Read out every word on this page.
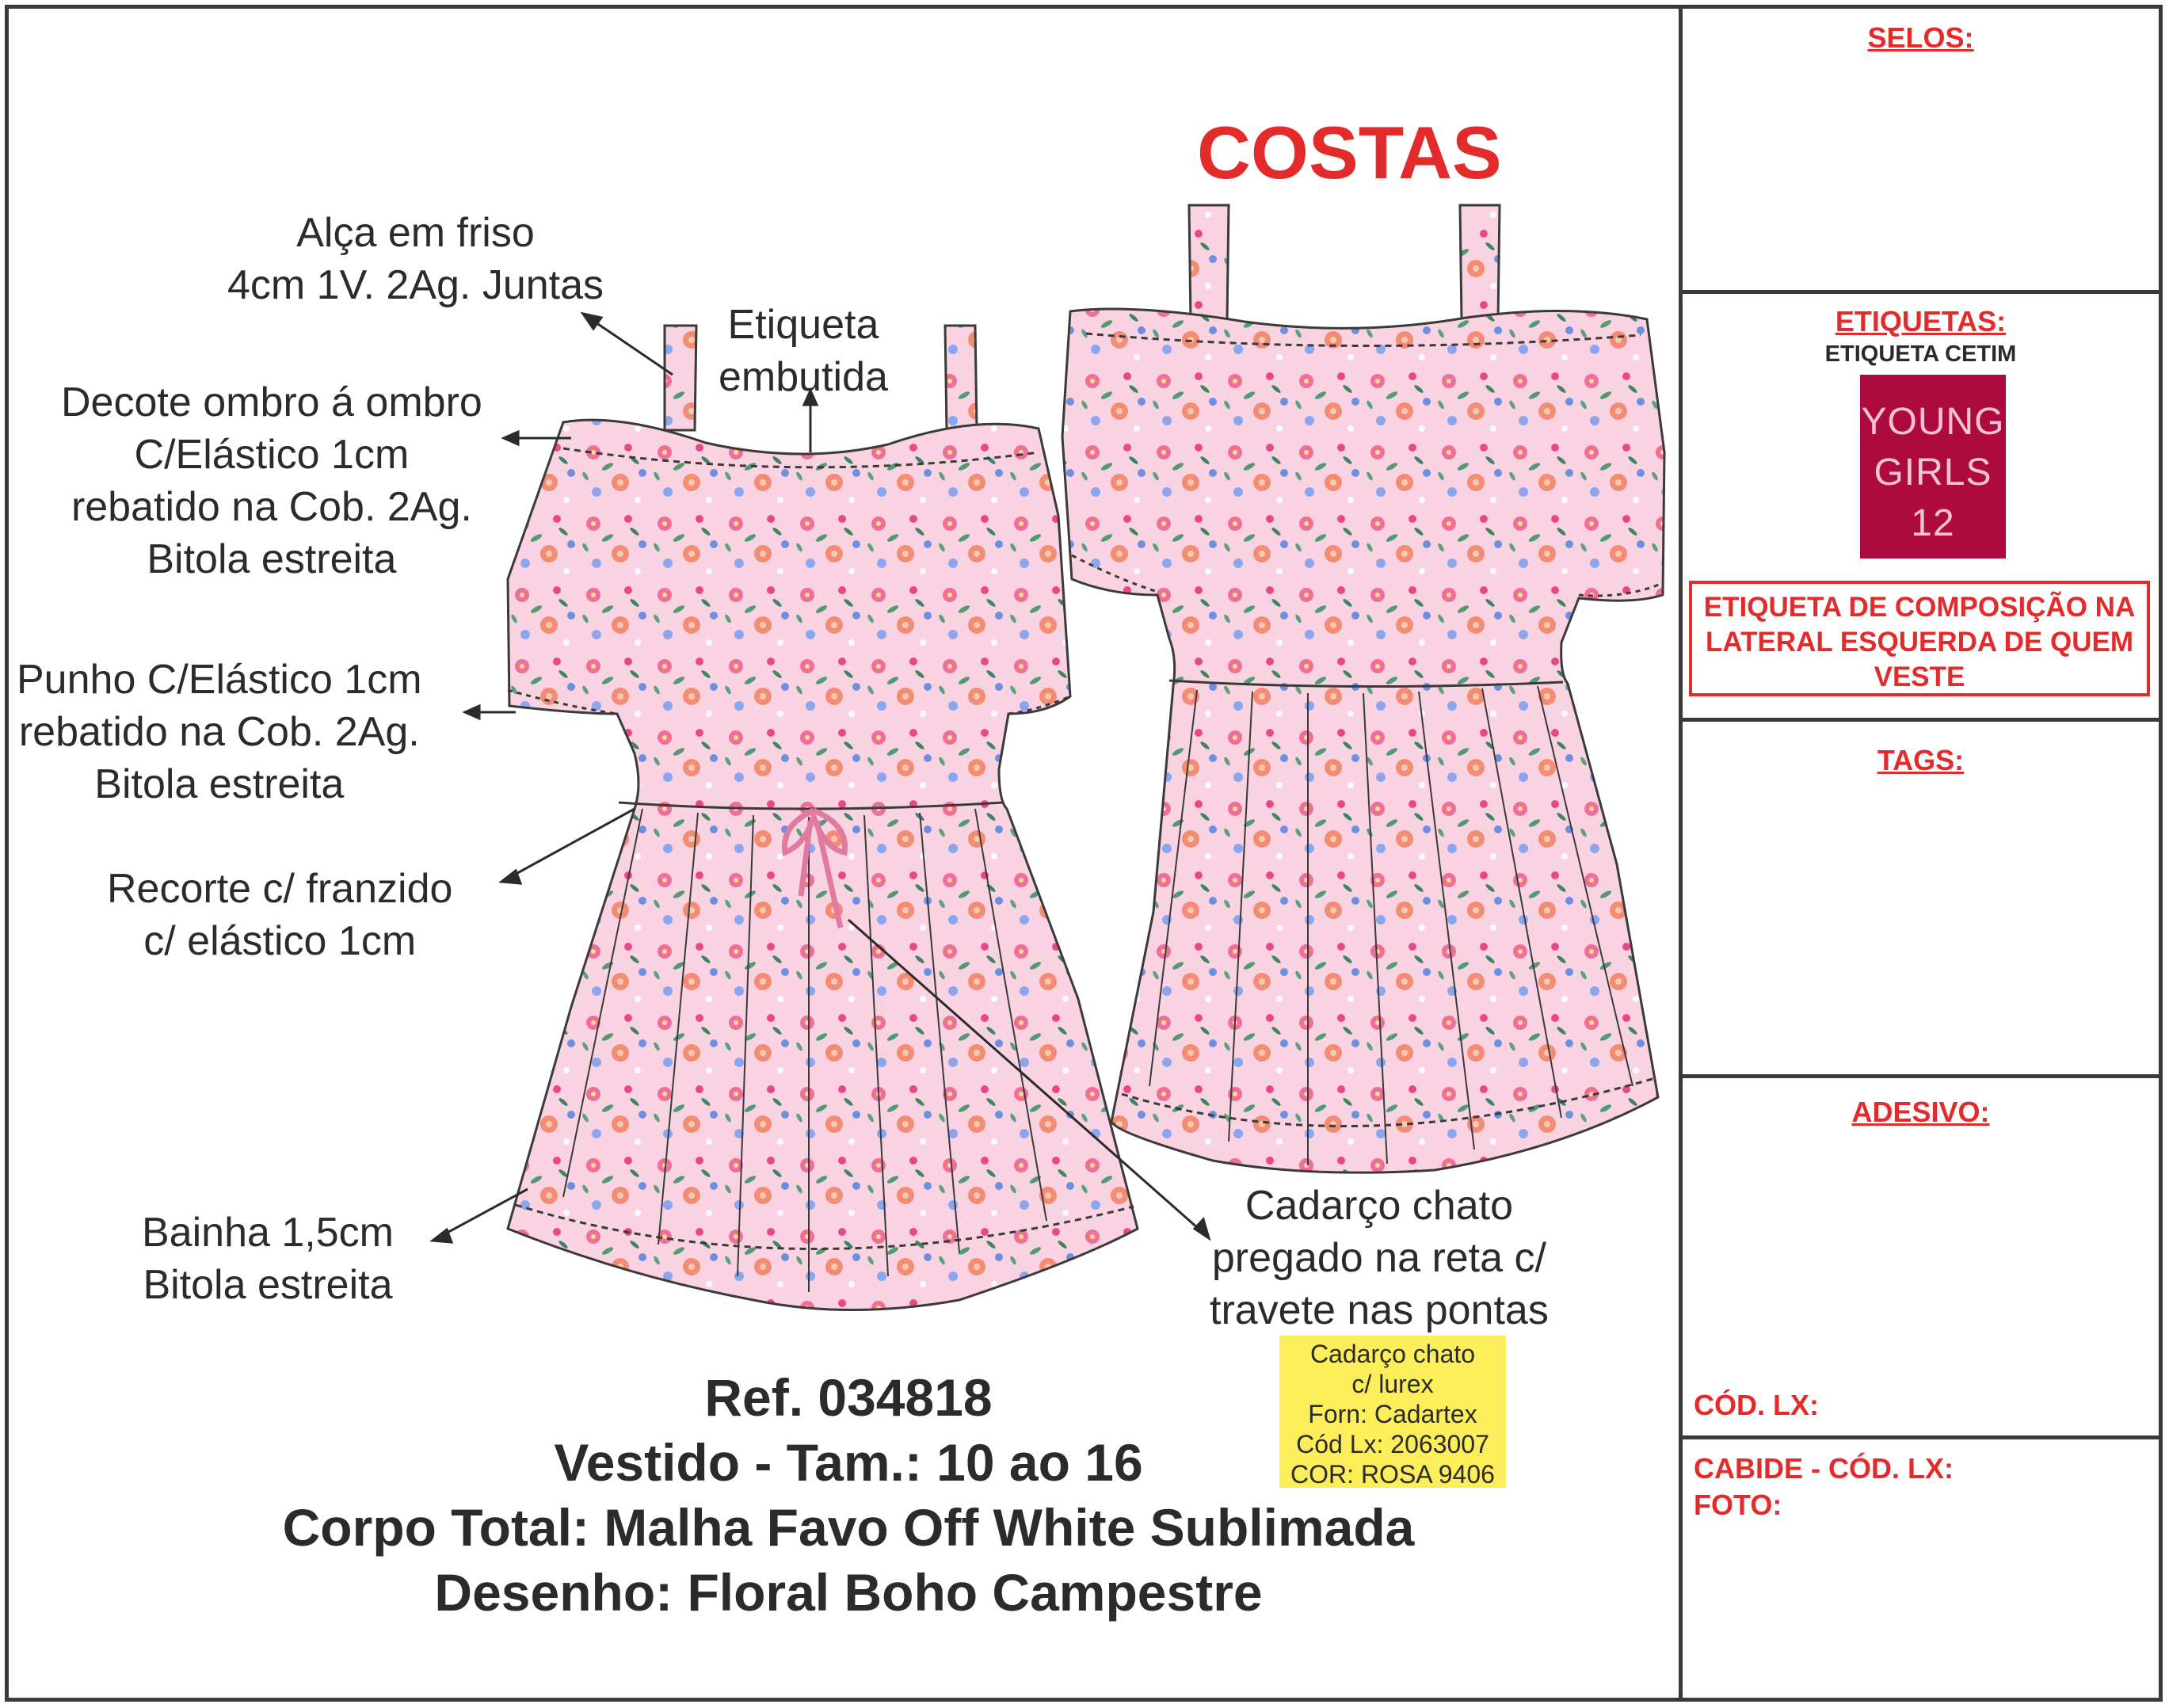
COSTAS
Alça em friso
4cm 1V. 2Ag. Juntas
Etiqueta
embutida
Decote ombro á ombro
C/Elástico 1cm
rebatido na Cob. 2Ag.
Bitola estreita
Punho C/Elástico 1cm
rebatido na Cob. 2Ag.
Bitola estreita
Recorte c/ franzido
c/ elástico 1cm
Bainha 1,5cm
Bitola estreita
Cadarço chato
pregado na reta c/
travete nas pontas
Cadarço chato
c/ lurex
Forn: Cadartex
Cód Lx: 2063007
COR: ROSA 9406
Ref. 034818
Vestido - Tam.: 10 ao 16
Corpo Total: Malha Favo Off White Sublimada
Desenho: Floral Boho Campestre
SELOS:
ETIQUETAS:
ETIQUETA CETIM
YOUNG
GIRLS
12
ETIQUETA DE COMPOSIÇÃO NA
LATERAL ESQUERDA DE QUEM
VESTE
TAGS:
ADESIVO:
CÓD. LX:
CABIDE - CÓD. LX:
FOTO:
